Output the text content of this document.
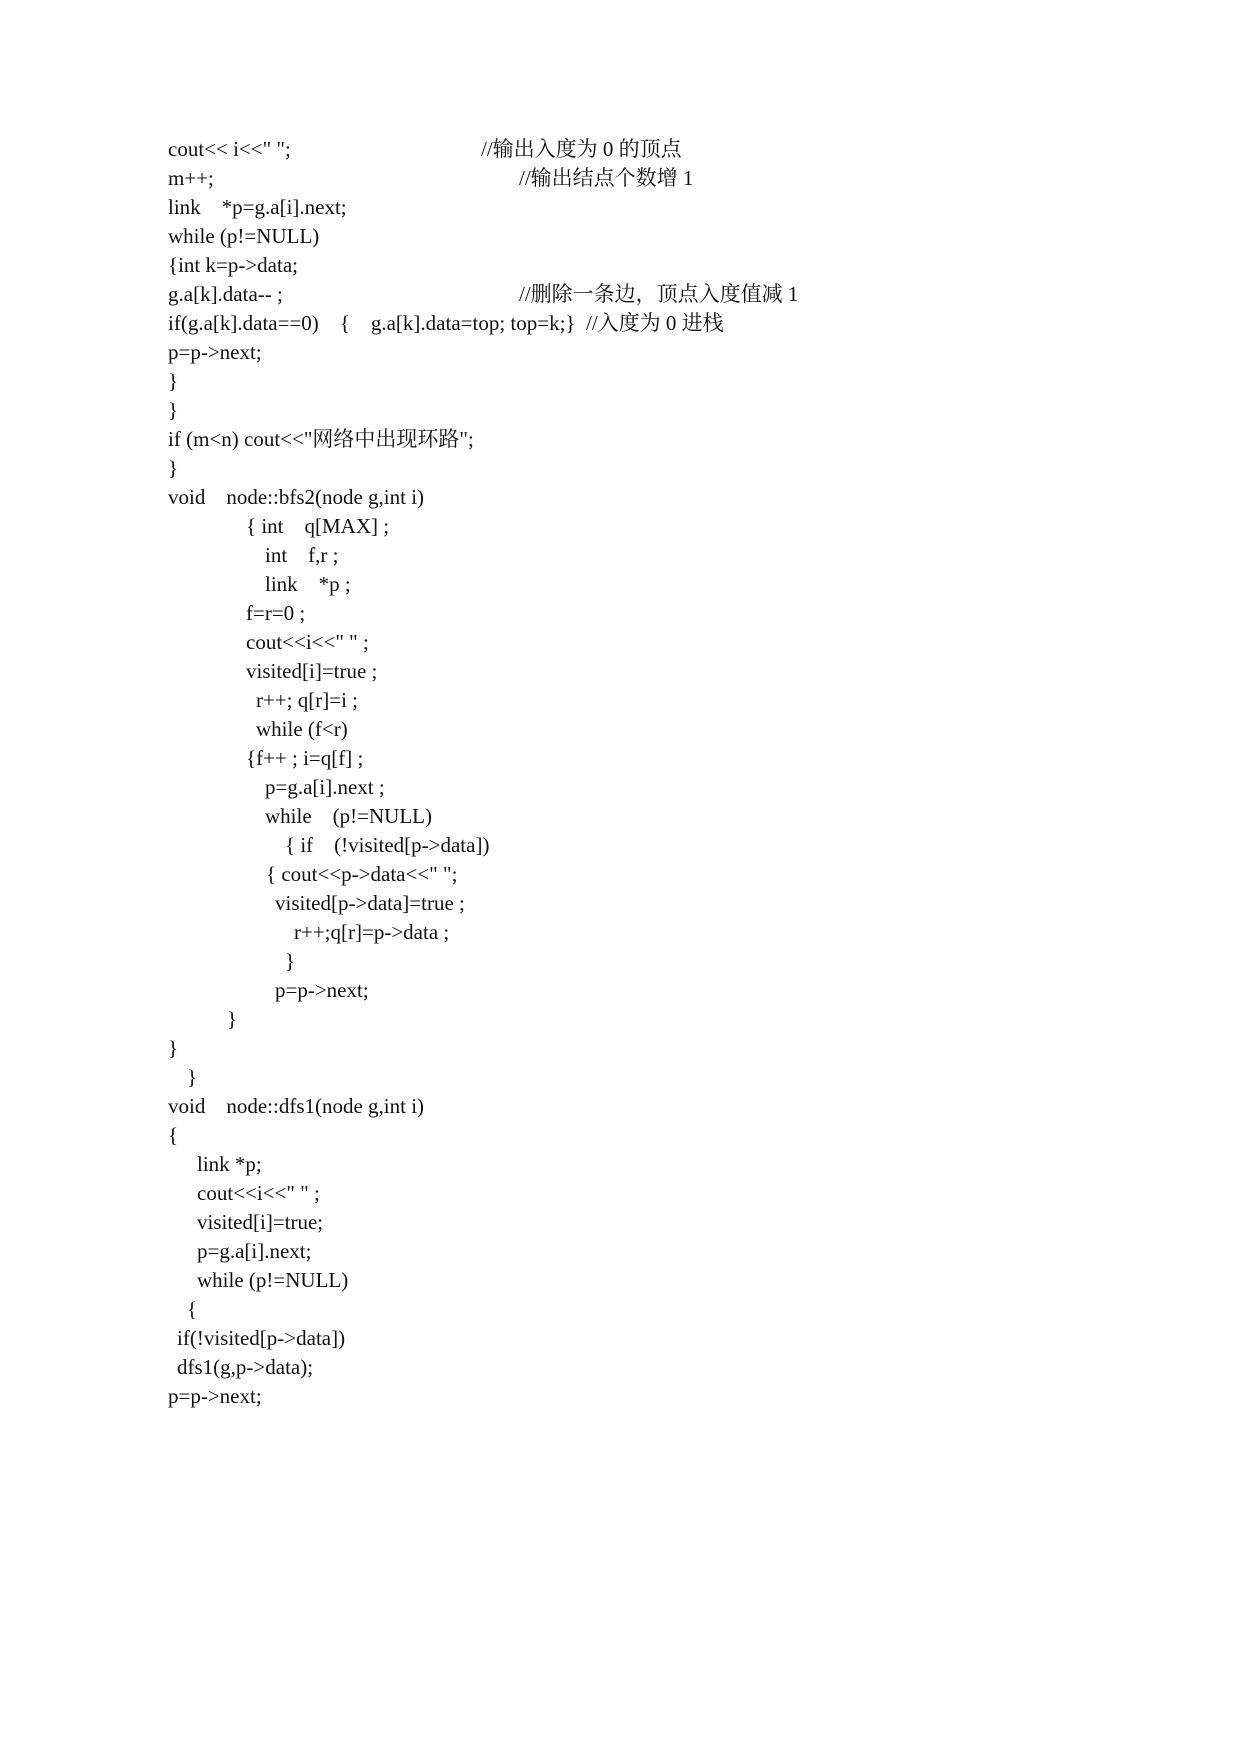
cout<< i<<" ";	//输出入度为 0 的顶点
m++;	//输出结点个数增 1
link    *p=g.a[i].next;
while (p!=NULL)
{int k=p->data;
g.a[k].data-- ;	//删除一条边，顶点入度值减 1
if(g.a[k].data==0)    {    g.a[k].data=top; top=k;} //入度为 0 进栈
p=p->next;
}
}
if (m<n) cout<<"网络中出现环路";
}
void    node::bfs2(node g,int i)
{ int    q[MAX] ;
int    f,r ;
link    *p ;
f=r=0 ;
cout<<i<<" " ;
visited[i]=true ;
r++; q[r]=i ;
while (f<r)
{f++ ; i=q[f] ;
p=g.a[i].next ;
while    (p!=NULL)
{ if    (!visited[p->data])
{ cout<<p->data<<" ";
visited[p->data]=true ;
r++;q[r]=p->data ;
}
p=p->next;
}
}
}
void    node::dfs1(node g,int i)
{
link *p;
cout<<i<<" " ;
visited[i]=true;
p=g.a[i].next;
while (p!=NULL)
{
if(!visited[p->data])
dfs1(g,p->data);
p=p->next;
